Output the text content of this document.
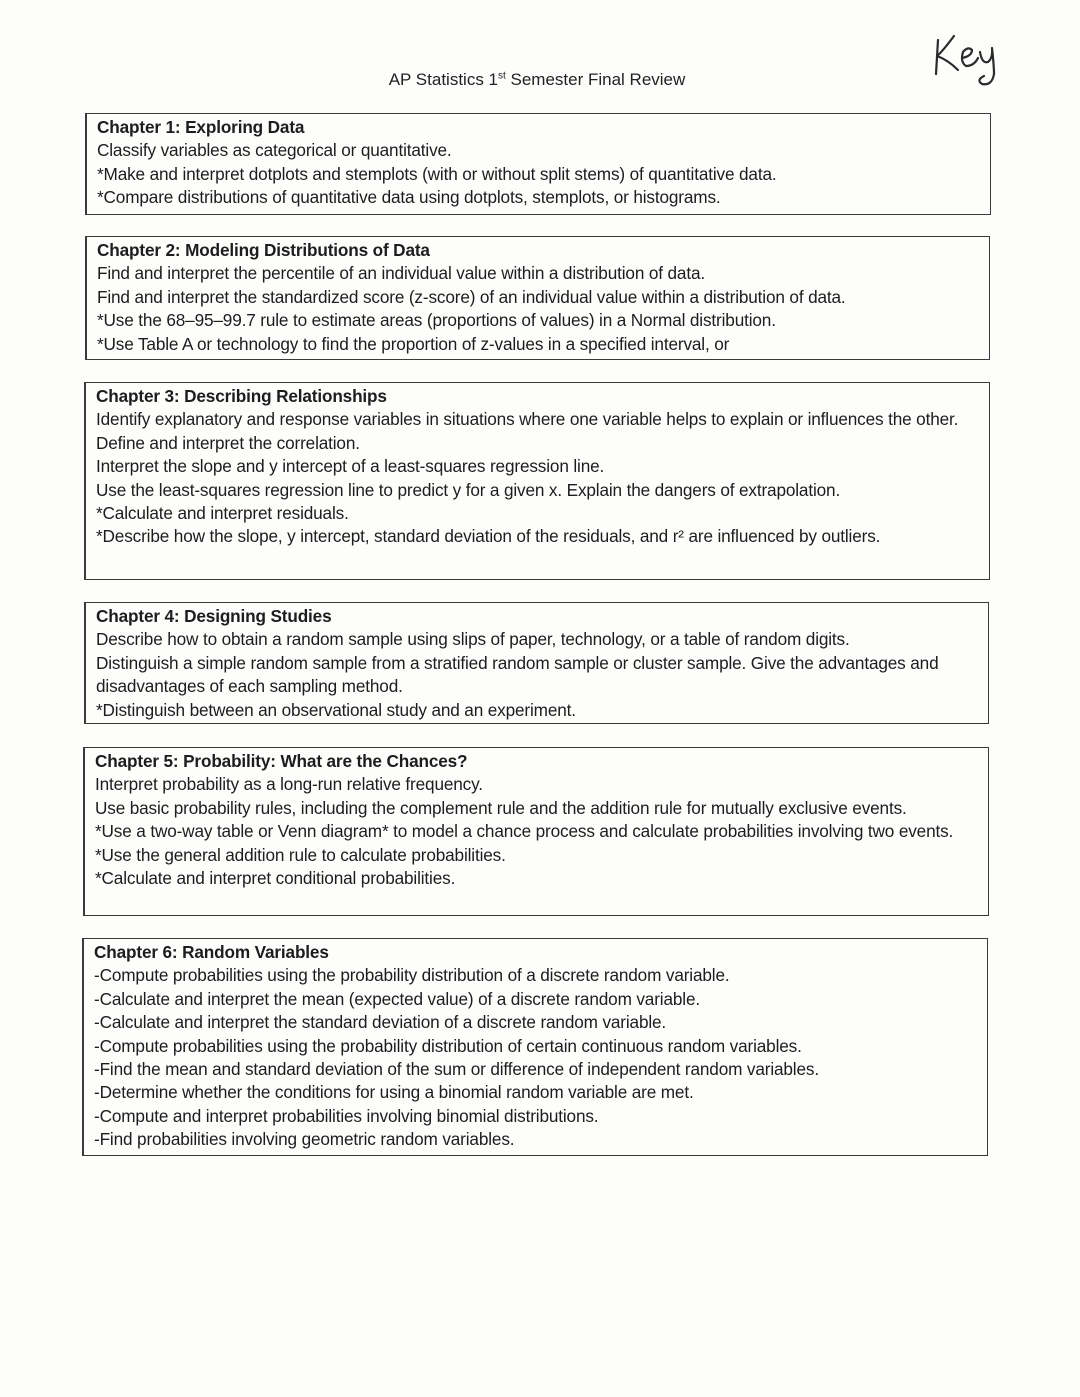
AP Statistics 1st Semester Final Review
Chapter 1: Exploring Data
Classify variables as categorical or quantitative.
*Make and interpret dotplots and stemplots (with or without split stems) of quantitative data.
*Compare distributions of quantitative data using dotplots, stemplots, or histograms.
Chapter 2: Modeling Distributions of Data
Find and interpret the percentile of an individual value within a distribution of data.
Find and interpret the standardized score (z-score) of an individual value within a distribution of data.
*Use the 68–95–99.7 rule to estimate areas (proportions of values) in a Normal distribution.
*Use Table A or technology to find the proportion of z-values in a specified interval, or
Chapter 3: Describing Relationships
Identify explanatory and response variables in situations where one variable helps to explain or influences the other.
Define and interpret the correlation.
Interpret the slope and y intercept of a least-squares regression line.
Use the least-squares regression line to predict y for a given x. Explain the dangers of extrapolation.
*Calculate and interpret residuals.
*Describe how the slope, y intercept, standard deviation of the residuals, and r² are influenced by outliers.
Chapter 4: Designing Studies
Describe how to obtain a random sample using slips of paper, technology, or a table of random digits.
Distinguish a simple random sample from a stratified random sample or cluster sample. Give the advantages and disadvantages of each sampling method.
*Distinguish between an observational study and an experiment.
Chapter 5: Probability: What are the Chances?
Interpret probability as a long-run relative frequency.
Use basic probability rules, including the complement rule and the addition rule for mutually exclusive events.
*Use a two-way table or Venn diagram* to model a chance process and calculate probabilities involving two events.
*Use the general addition rule to calculate probabilities.
*Calculate and interpret conditional probabilities.
Chapter 6: Random Variables
-Compute probabilities using the probability distribution of a discrete random variable.
-Calculate and interpret the mean (expected value) of a discrete random variable.
-Calculate and interpret the standard deviation of a discrete random variable.
-Compute probabilities using the probability distribution of certain continuous random variables.
-Find the mean and standard deviation of the sum or difference of independent random variables.
-Determine whether the conditions for using a binomial random variable are met.
-Compute and interpret probabilities involving binomial distributions.
-Find probabilities involving geometric random variables.
